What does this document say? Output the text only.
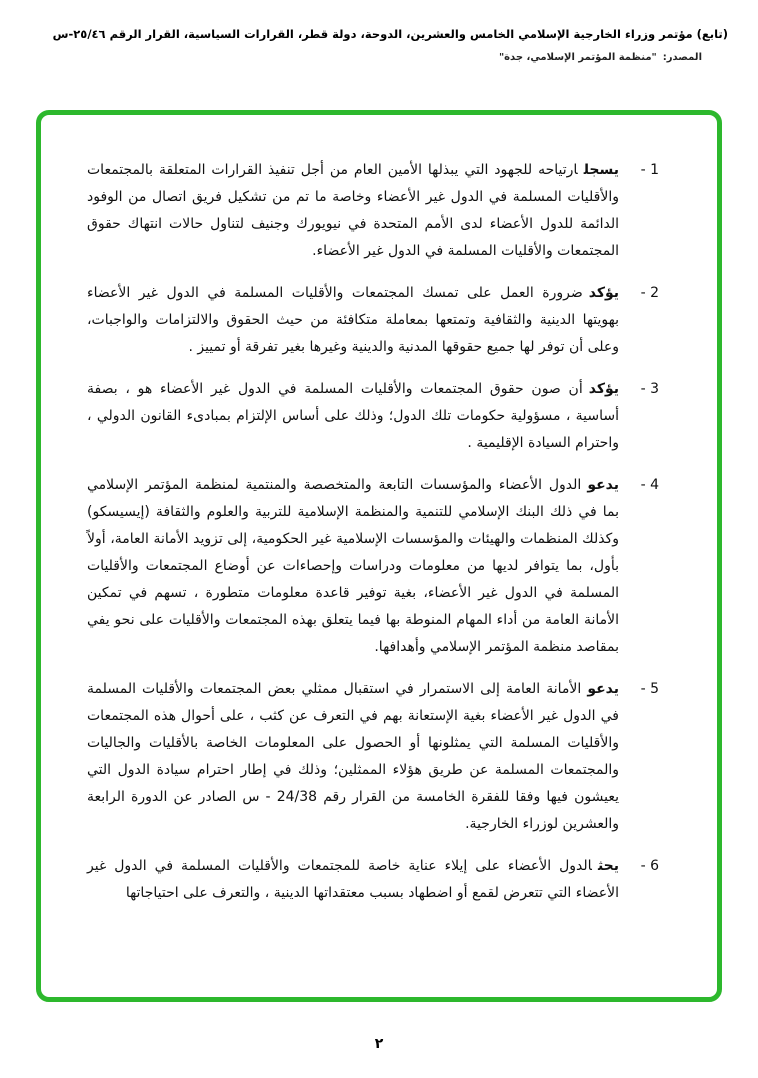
(تابع) مؤتمر وزراء الخارجية الإسلامي الخامس والعشرين، الدوحة، دولة قطر، القرارات السياسية، القرار الرقم ٢٥/٤٦-س
المصدر:"منظمة المؤتمر الإسلامي، جدة"
1 -

يسجلارتياحه للجهود التي يبذلها الأمين العام من أجل تنفيذ القرارات المتعلقة بالمجتمعات والأقليات المسلمة في الدول غير الأعضاء وخاصة ما تم من تشكيل فريق اتصال من الوفود الدائمة للدول الأعضاء لدى الأمم المتحدة في نيويورك وجنيف لتناول حالات انتهاك حقوق المجتمعات والأقليات المسلمة في الدول غير الأعضاء.

2 -

يؤكدضرورة العمل على تمسك المجتمعات والأقليات المسلمة في الدول غير الأعضاء بهويتها الدينية والثقافية وتمتعها بمعاملة متكافئة من حيث الحقوق والالتزامات والواجبات، وعلى أن توفر لها جميع حقوقها المدنية والدينية وغيرها بغير تفرقة أو تمييز .

3 -

يؤكدأن صون حقوق المجتمعات والأقليات المسلمة في الدول غير الأعضاء هو ، بصفة أساسية ، مسؤولية حكومات تلك الدول؛ وذلك على أساس الإلتزام بمبادىء القانون الدولي ، واحترام السيادة الإقليمية .

4 -

يدعوالدول الأعضاء والمؤسسات التابعة والمتخصصة والمنتمية لمنظمة المؤتمر الإسلامي بما في ذلك البنك الإسلامي للتنمية والمنظمة الإسلامية للتربية والعلوم والثقافة (إيسيسكو) وكذلك المنظمات والهيئات والمؤسسات الإسلامية غير الحكومية، إلى تزويد الأمانة العامة، أولاً بأول، بما يتوافر لديها من معلومات ودراسات وإحصاءات عن أوضاع المجتمعات والأقليات المسلمة في الدول غير الأعضاء، بغية توفير قاعدة معلومات متطورة ، تسهم في تمكين الأمانة العامة من أداء المهام المنوطة بها فيما يتعلق بهذه المجتمعات والأقليات على نحو يفي بمقاصد منظمة المؤتمر الإسلامي وأهدافها.

5 -

يدعوالأمانة العامة إلى الاستمرار في استقبال ممثلي بعض المجتمعات والأقليات المسلمة في الدول غير الأعضاء بغية الإستعانة بهم في التعرف عن كثب ، على أحوال هذه المجتمعات والأقليات المسلمة التي يمثلونها أو الحصول على المعلومات الخاصة بالأقليات والجاليات والمجتمعات المسلمة عن طريق هؤلاء الممثلين؛ وذلك في إطار احترام سيادة الدول التي يعيشون فيها وفقا للفقرة الخامسة من القرار رقم 24/38 - س الصادر عن الدورة الرابعة والعشرين لوزراء الخارجية.

6 -

يحثالدول الأعضاء على إيلاء عناية خاصة للمجتمعات والأقليات المسلمة في الدول غير الأعضاء التي تتعرض لقمع أو اضطهاد بسبب معتقداتها الدينية ، والتعرف على احتياجاتها

٢
